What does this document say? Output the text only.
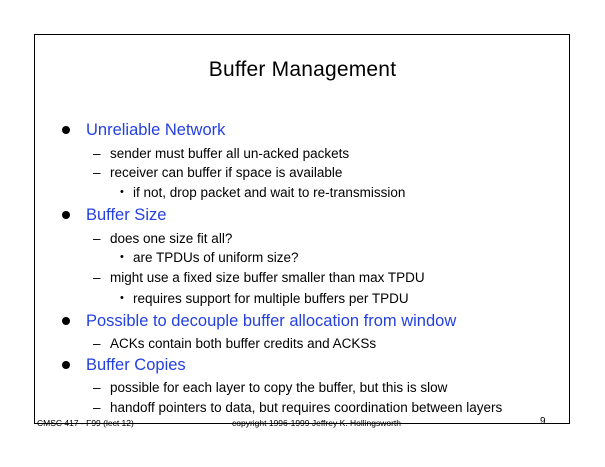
Buffer Management
Unreliable Network
– sender must buffer all un-acked packets
– receiver can buffer if space is available
• if not, drop packet and wait to re-transmission
Buffer Size
– does one size fit all?
• are TPDUs of uniform size?
– might use a fixed size buffer smaller than max TPDU
• requires support for multiple buffers per TPDU
Possible to decouple buffer allocation from window
– ACKs contain both buffer credits and ACKSs
Buffer Copies
– possible for each layer to copy the buffer, but this is slow
– handoff pointers to data, but requires coordination between layers
CMSC 417 - F99 (lect 12)	copyright 1996-1999 Jeffrey K. Hollingsworth	9
